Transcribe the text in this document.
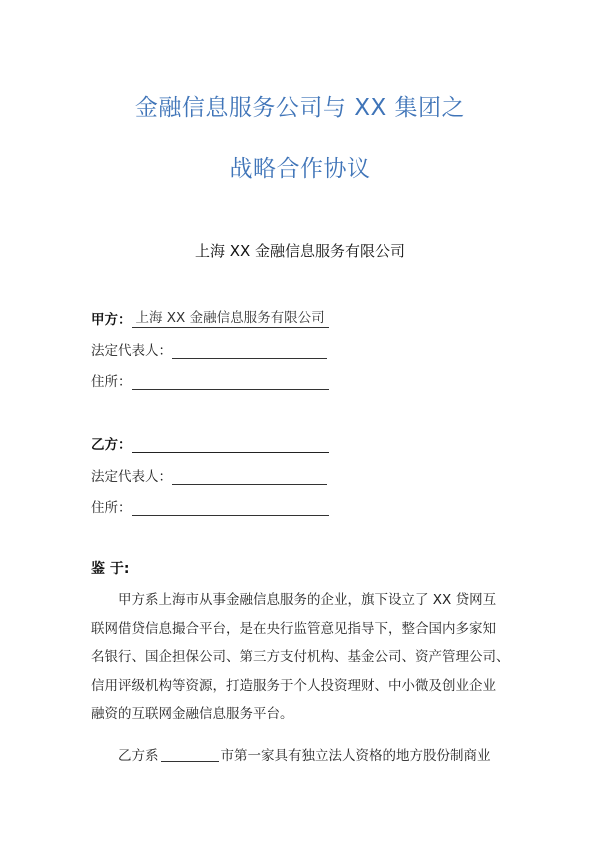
金融信息服务公司与 XX 集团之
战略合作协议
上海 XX 金融信息服务有限公司
甲方： 上海 XX 金融信息服务有限公司
法定代表人：
住所：
乙方：
法定代表人：
住所：
鉴 于:
甲方系上海市从事金融信息服务的企业，旗下设立了 XX 贷网互
联网借贷信息撮合平台，是在央行监管意见指导下，整合国内多家知
名银行、国企担保公司、第三方支付机构、基金公司、资产管理公司、
信用评级机构等资源，打造服务于个人投资理财、中小微及创业企业
融资的互联网金融信息服务平台。
乙方系	市第一家具有独立法人资格的地方股份制商业
